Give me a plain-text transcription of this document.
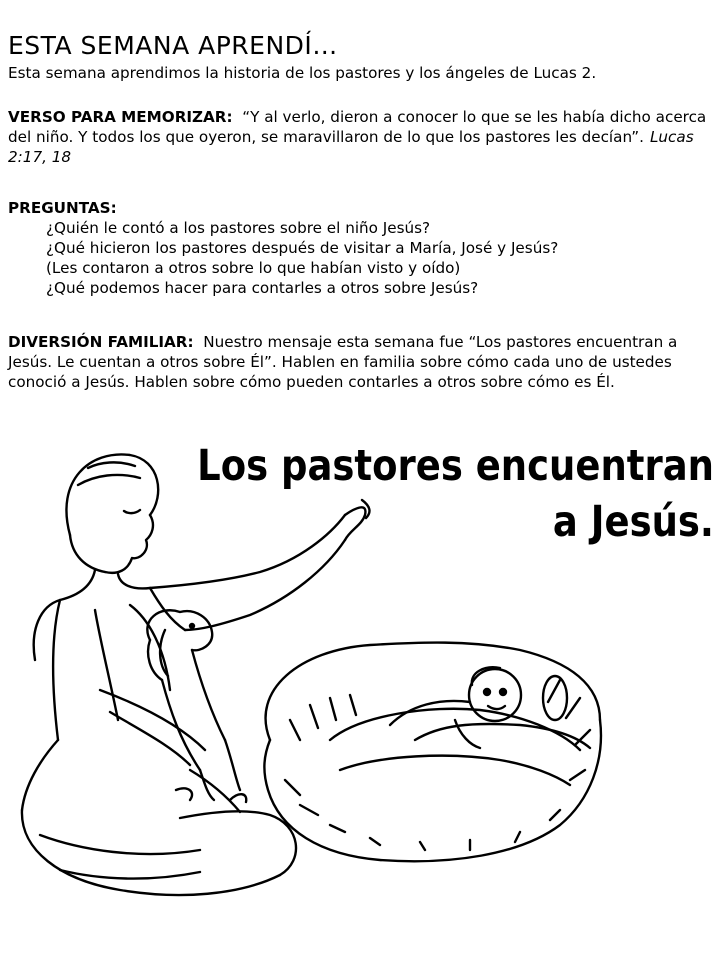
ESTA SEMANA APRENDÍ…
Esta semana aprendimos la historia de los pastores y los ángeles de Lucas 2.
VERSO PARA MEMORIZAR: “Y al verlo, dieron a conocer lo que se les había dicho acerca del niño. Y todos los que oyeron, se maravillaron de lo que los pastores les decían”. Lucas 2:17, 18
PREGUNTAS:
¿Quién le contó a los pastores sobre el niño Jesús?
¿Qué hicieron los pastores después de visitar a María, José y Jesús?
(Les contaron a otros sobre lo que habían visto y oído)
¿Qué podemos hacer para contarles a otros sobre Jesús?
DIVERSIÓN FAMILIAR: Nuestro mensaje esta semana fue “Los pastores encuentran a Jesús. Le cuentan a otros sobre Él”. Hablen en familia sobre cómo cada uno de ustedes conoció a Jesús. Hablen sobre cómo pueden contarles a otros sobre cómo es Él.
Los pastores encuentran
a Jesús.
